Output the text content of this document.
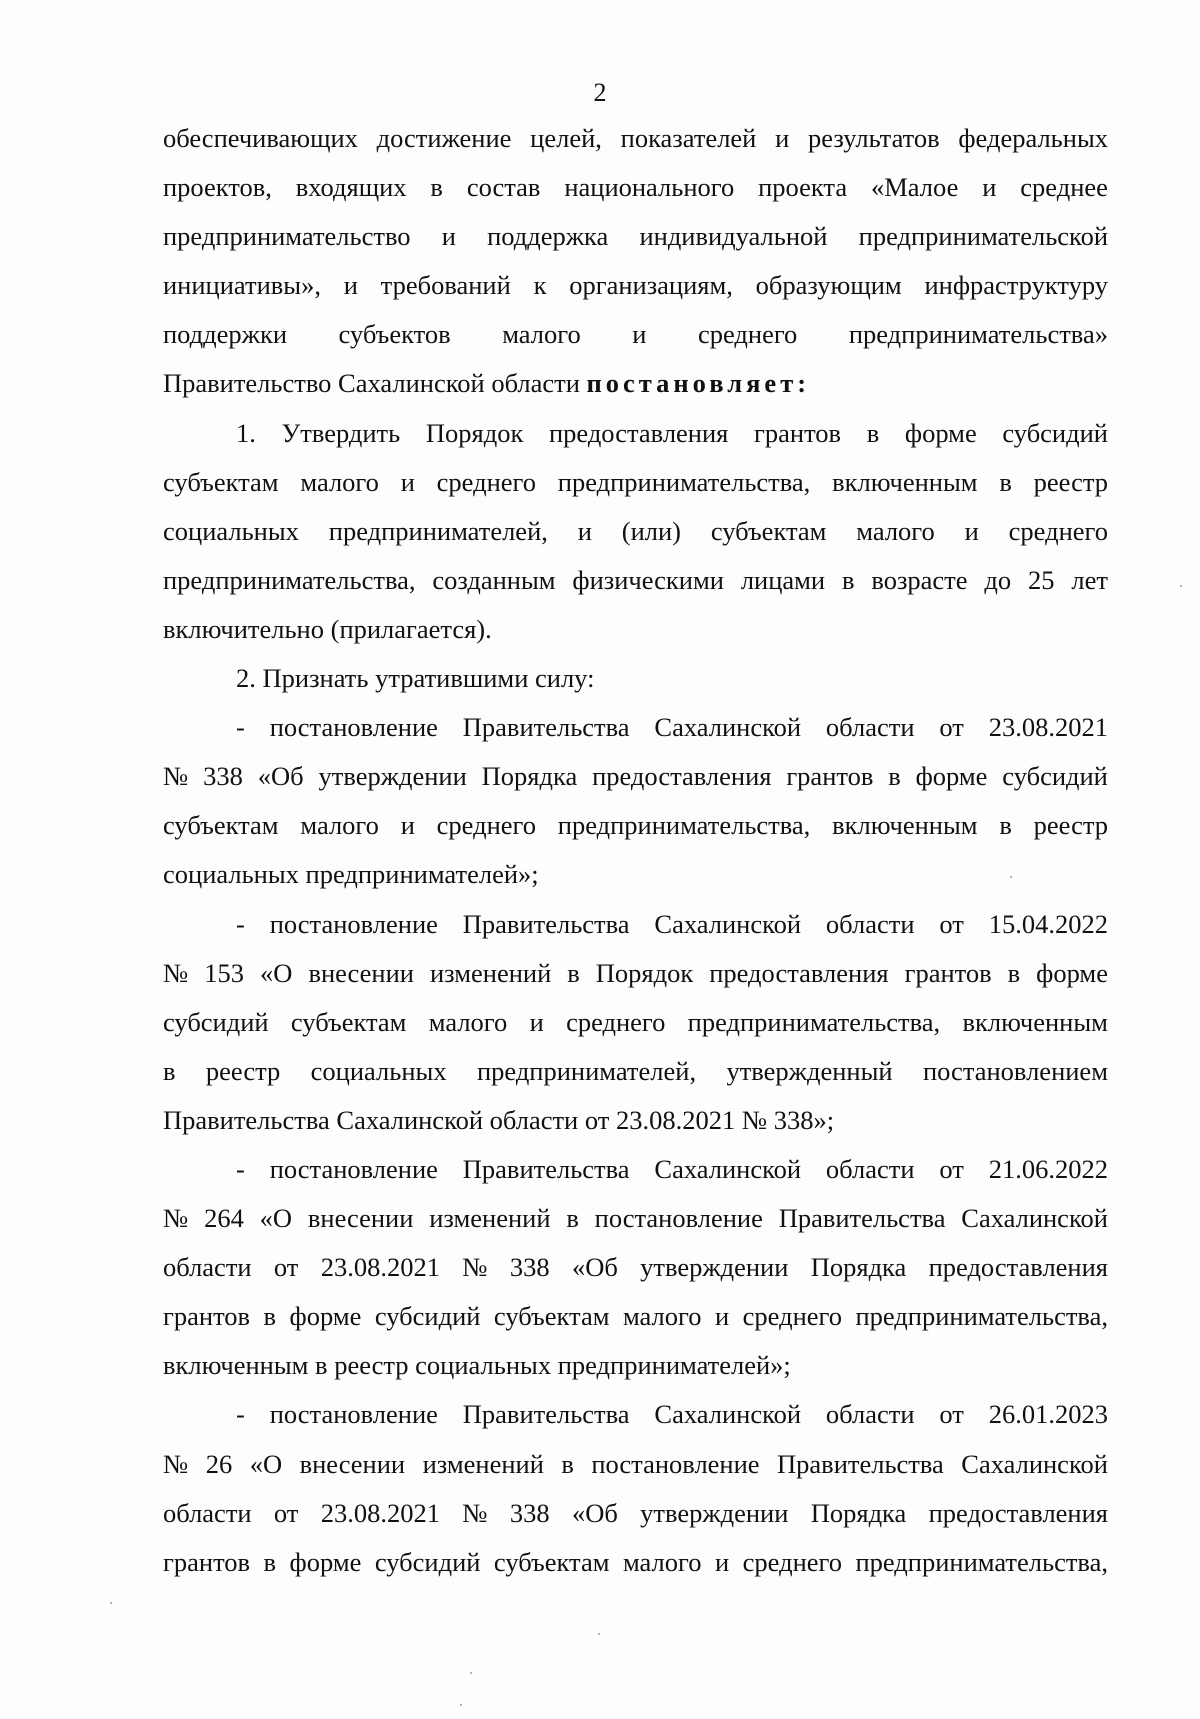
2
обеспечивающих достижение целей, показателей и результатов федеральных
проектов, входящих в состав национального проекта «Малое и среднее
предпринимательство и поддержка индивидуальной предпринимательской
инициативы», и требований к организациям, образующим инфраструктуру
поддержки субъектов малого и среднего предпринимательства»
Правительство Сахалинской области постановляет:
1. Утвердить Порядок предоставления грантов в форме субсидий
субъектам малого и среднего предпринимательства, включенным в реестр
социальных предпринимателей, и (или) субъектам малого и среднего
предпринимательства, созданным физическими лицами в возрасте до 25 лет
включительно (прилагается).
2. Признать утратившими силу:
- постановление Правительства Сахалинской области от 23.08.2021
№ 338 «Об утверждении Порядка предоставления грантов в форме субсидий
субъектам малого и среднего предпринимательства, включенным в реестр
социальных предпринимателей»;
- постановление Правительства Сахалинской области от 15.04.2022
№ 153 «О внесении изменений в Порядок предоставления грантов в форме
субсидий субъектам малого и среднего предпринимательства, включенным
в реестр социальных предпринимателей, утвержденный постановлением
Правительства Сахалинской области от 23.08.2021 № 338»;
- постановление Правительства Сахалинской области от 21.06.2022
№ 264 «О внесении изменений в постановление Правительства Сахалинской
области от 23.08.2021 № 338 «Об утверждении Порядка предоставления
грантов в форме субсидий субъектам малого и среднего предпринимательства,
включенным в реестр социальных предпринимателей»;
- постановление Правительства Сахалинской области от 26.01.2023
№ 26 «О внесении изменений в постановление Правительства Сахалинской
области от 23.08.2021 № 338 «Об утверждении Порядка предоставления
грантов в форме субсидий субъектам малого и среднего предпринимательства,
